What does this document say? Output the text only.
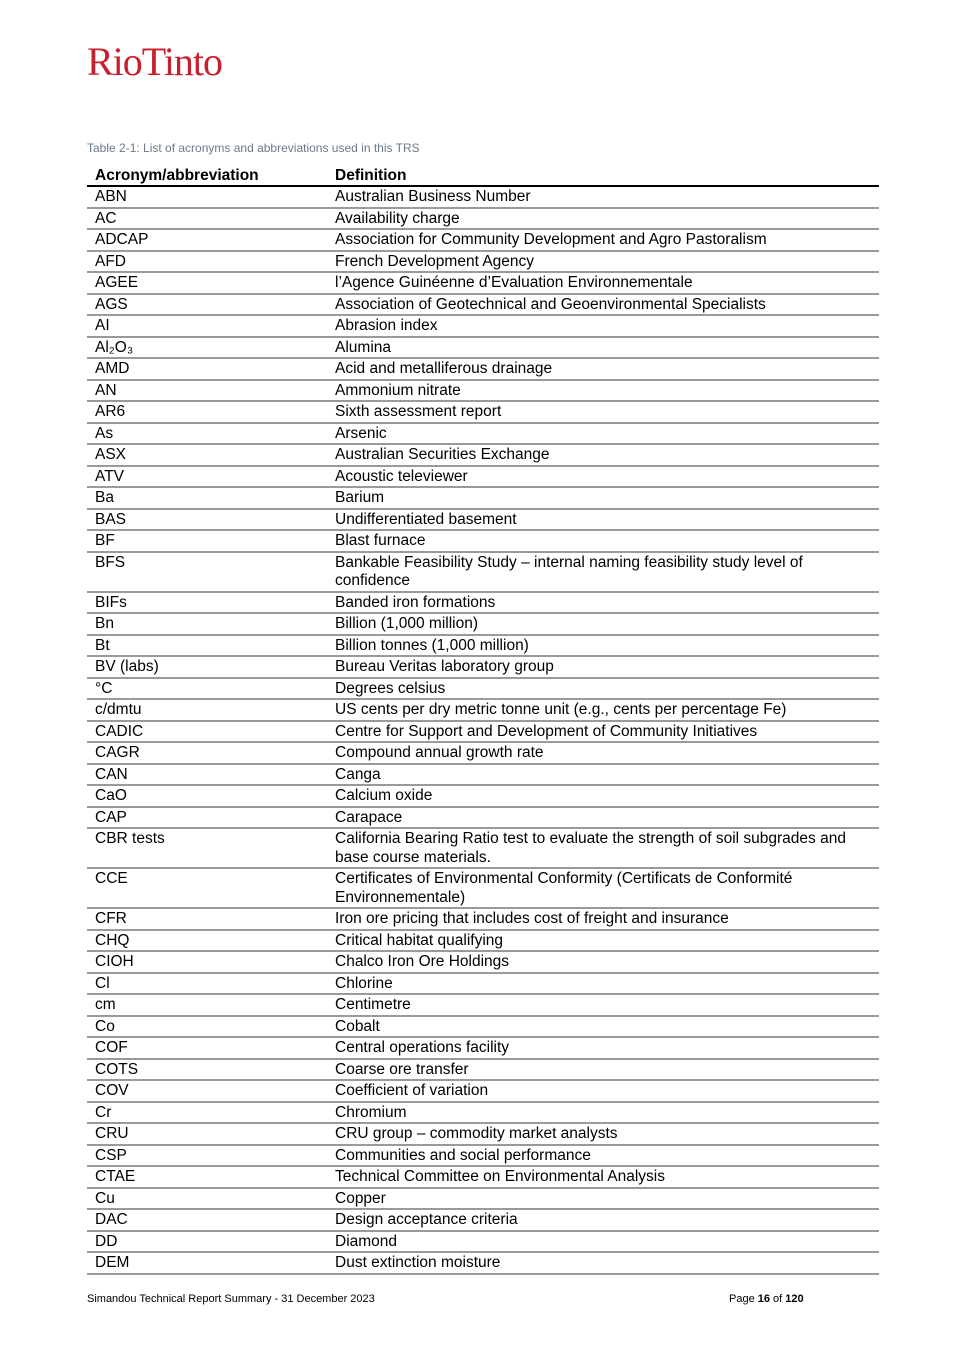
RioTinto
Table 2-1: List of acronyms and abbreviations used in this TRS
Acronym/abbreviation	Definition
ABN	Australian Business Number
AC	Availability charge
ADCAP	Association for Community Development and Agro Pastoralism
AFD	French Development Agency
AGEE	l’Agence Guinéenne d’Evaluation Environnementale
AGS	Association of Geotechnical and Geoenvironmental Specialists
AI	Abrasion index
Al₂O₃	Alumina
AMD	Acid and metalliferous drainage
AN	Ammonium nitrate
AR6	Sixth assessment report
As	Arsenic
ASX	Australian Securities Exchange
ATV	Acoustic televiewer
Ba	Barium
BAS	Undifferentiated basement
BF	Blast furnace
BFS	Bankable Feasibility Study – internal naming feasibility study level of confidence
BIFs	Banded iron formations
Bn	Billion (1,000 million)
Bt	Billion tonnes (1,000 million)
BV (labs)	Bureau Veritas laboratory group
°C	Degrees celsius
c/dmtu	US cents per dry metric tonne unit (e.g., cents per percentage Fe)
CADIC	Centre for Support and Development of Community Initiatives
CAGR	Compound annual growth rate
CAN	Canga
CaO	Calcium oxide
CAP	Carapace
CBR tests	California Bearing Ratio test to evaluate the strength of soil subgrades and base course materials.
CCE	Certificates of Environmental Conformity (Certificats de Conformité Environnementale)
CFR	Iron ore pricing that includes cost of freight and insurance
CHQ	Critical habitat qualifying
CIOH	Chalco Iron Ore Holdings
Cl	Chlorine
cm	Centimetre
Co	Cobalt
COF	Central operations facility
COTS	Coarse ore transfer
COV	Coefficient of variation
Cr	Chromium
CRU	CRU group – commodity market analysts
CSP	Communities and social performance
CTAE	Technical Committee on Environmental Analysis
Cu	Copper
DAC	Design acceptance criteria
DD	Diamond
DEM	Dust extinction moisture
Simandou Technical Report Summary - 31 December 2023	Page 16 of 120
